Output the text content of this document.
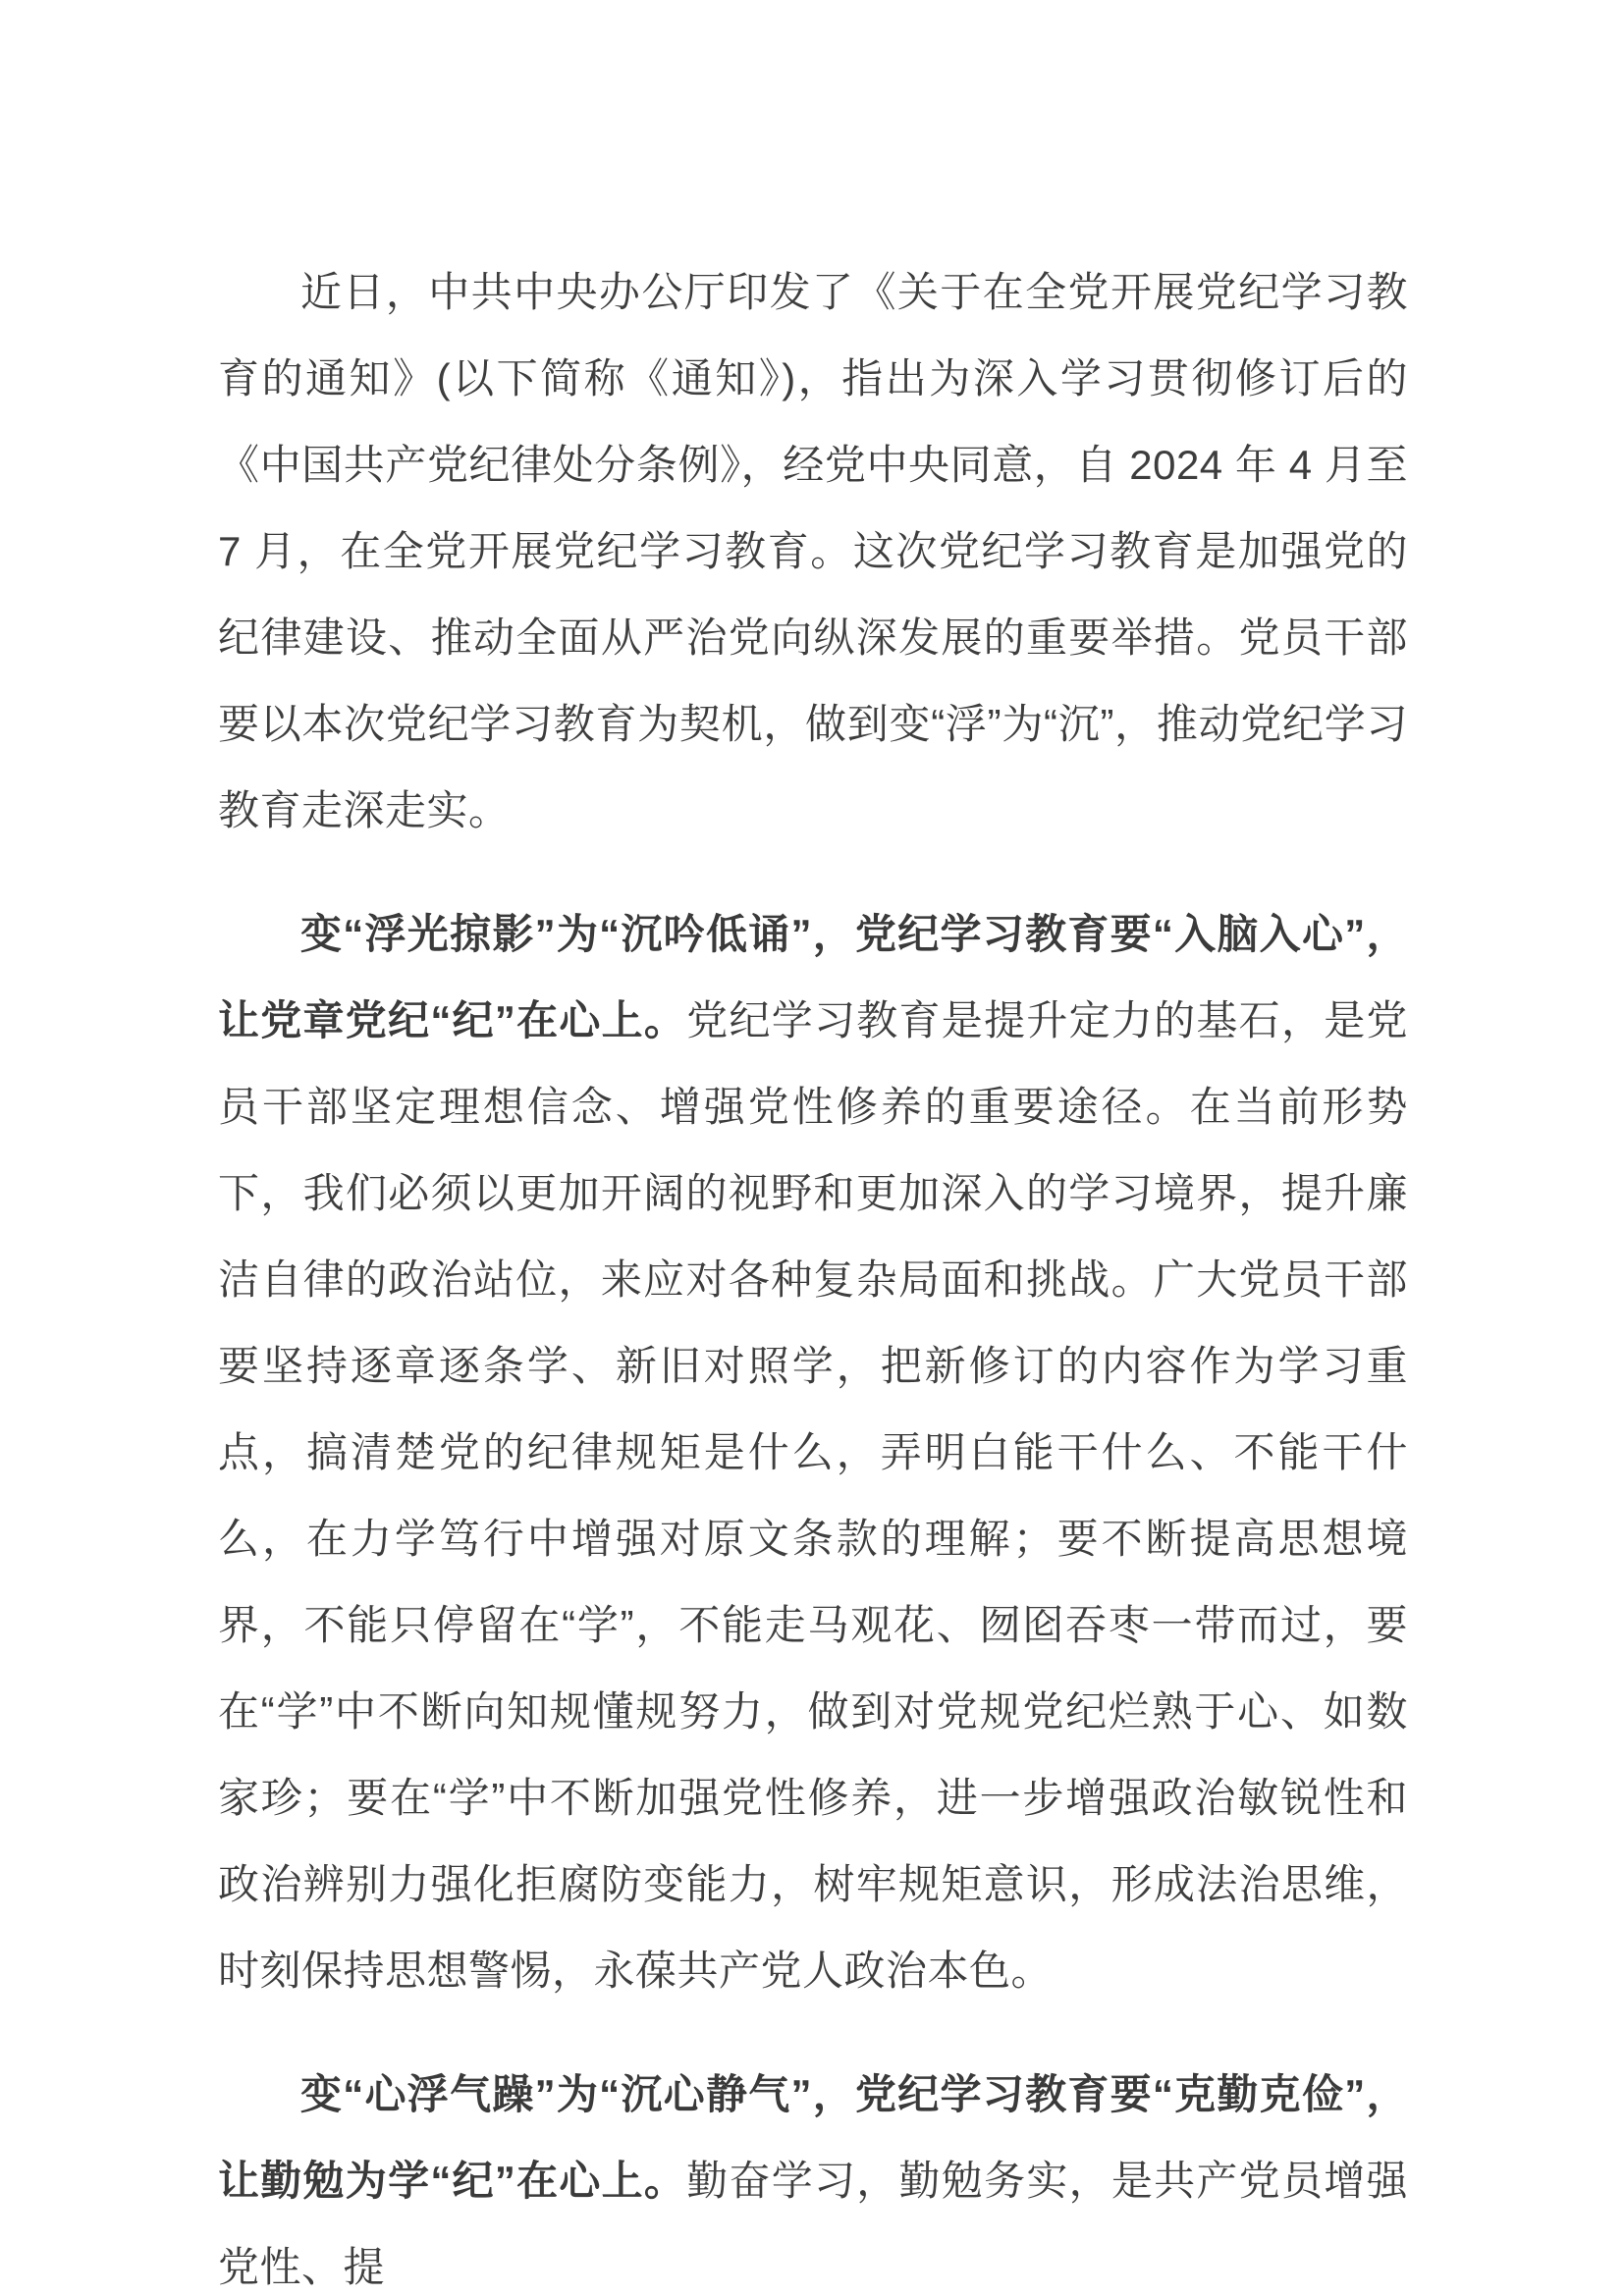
近日，中共中央办公厅印发了《关于在全党开展党纪学习教育的通知》(以下简称《通知》)，指出为深入学习贯彻修订后的《中国共产党纪律处分条例》，经党中央同意，自 2024 年 4 月至 7 月，在全党开展党纪学习教育。这次党纪学习教育是加强党的纪律建设、推动全面从严治党向纵深发展的重要举措。党员干部要以本次党纪学习教育为契机，做到变“浮”为“沉”，推动党纪学习教育走深走实。

变“浮光掠影”为“沉吟低诵”，党纪学习教育要“入脑入心”，让党章党纪“纪”在心上。党纪学习教育是提升定力的基石，是党员干部坚定理想信念、增强党性修养的重要途径。在当前形势下，我们必须以更加开阔的视野和更加深入的学习境界，提升廉洁自律的政治站位，来应对各种复杂局面和挑战。广大党员干部要坚持逐章逐条学、新旧对照学，把新修订的内容作为学习重点，搞清楚党的纪律规矩是什么，弄明白能干什么、不能干什么，在力学笃行中增强对原文条款的理解；要不断提高思想境界，不能只停留在“学”，不能走马观花、囫囵吞枣一带而过，要在“学”中不断向知规懂规努力，做到对党规党纪烂熟于心、如数家珍；要在“学”中不断加强党性修养，进一步增强政治敏锐性和政治辨别力强化拒腐防变能力，树牢规矩意识，形成法治思维，时刻保持思想警惕，永葆共产党人政治本色。

变“心浮气躁”为“沉心静气”，党纪学习教育要“克勤克俭”，让勤勉为学“纪”在心上。勤奋学习，勤勉务实，是共产党员增强党性、提
